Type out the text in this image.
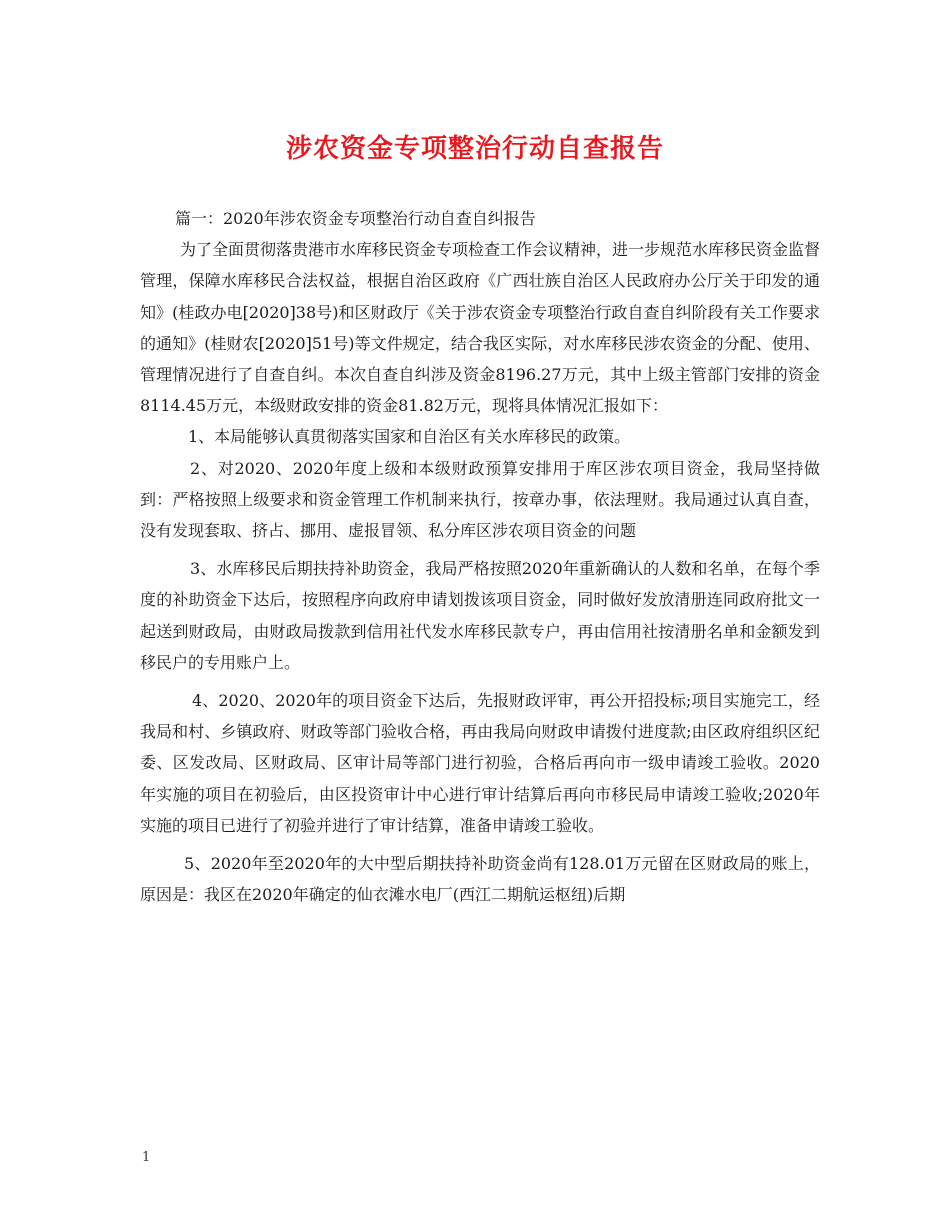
涉农资金专项整治行动自查报告

篇一：2020年涉农资金专项整治行动自查自纠报告

为了全面贯彻落贵港市水库移民资金专项检查工作会议精神，进一步规范水库移民资金监督管理，保障水库移民合法权益，根据自治区政府《广西壮族自治区人民政府办公厅关于印发的通知》(桂政办电[2020]38号)和区财政厅《关于涉农资金专项整治行政自查自纠阶段有关工作要求的通知》(桂财农[2020]51号)等文件规定，结合我区实际，对水库移民涉农资金的分配、使用、管理情况进行了自查自纠。本次自查自纠涉及资金8196.27万元，其中上级主管部门安排的资金8114.45万元，本级财政安排的资金81.82万元，现将具体情况汇报如下：

1、本局能够认真贯彻落实国家和自治区有关水库移民的政策。

2、对2020、2020年度上级和本级财政预算安排用于库区涉农项目资金，我局坚持做到：严格按照上级要求和资金管理工作机制来执行，按章办事，依法理财。我局通过认真自查，没有发现套取、挤占、挪用、虚报冒领、私分库区涉农项目资金的问题

3、水库移民后期扶持补助资金，我局严格按照2020年重新确认的人数和名单，在每个季度的补助资金下达后，按照程序向政府申请划拨该项目资金，同时做好发放清册连同政府批文一起送到财政局，由财政局拨款到信用社代发水库移民款专户，再由信用社按清册名单和金额发到移民户的专用账户上。

4、2020、2020年的项目资金下达后，先报财政评审，再公开招投标;项目实施完工，经我局和村、乡镇政府、财政等部门验收合格，再由我局向财政申请拨付进度款;由区政府组织区纪委、区发改局、区财政局、区审计局等部门进行初验，合格后再向市一级申请竣工验收。2020年实施的项目在初验后，由区投资审计中心进行审计结算后再向市移民局申请竣工验收;2020年实施的项目已进行了初验并进行了审计结算，准备申请竣工验收。

5、2020年至2020年的大中型后期扶持补助资金尚有128.01万元留在区财政局的账上，原因是：我区在2020年确定的仙衣滩水电厂(西江二期航运枢纽)后期

1
